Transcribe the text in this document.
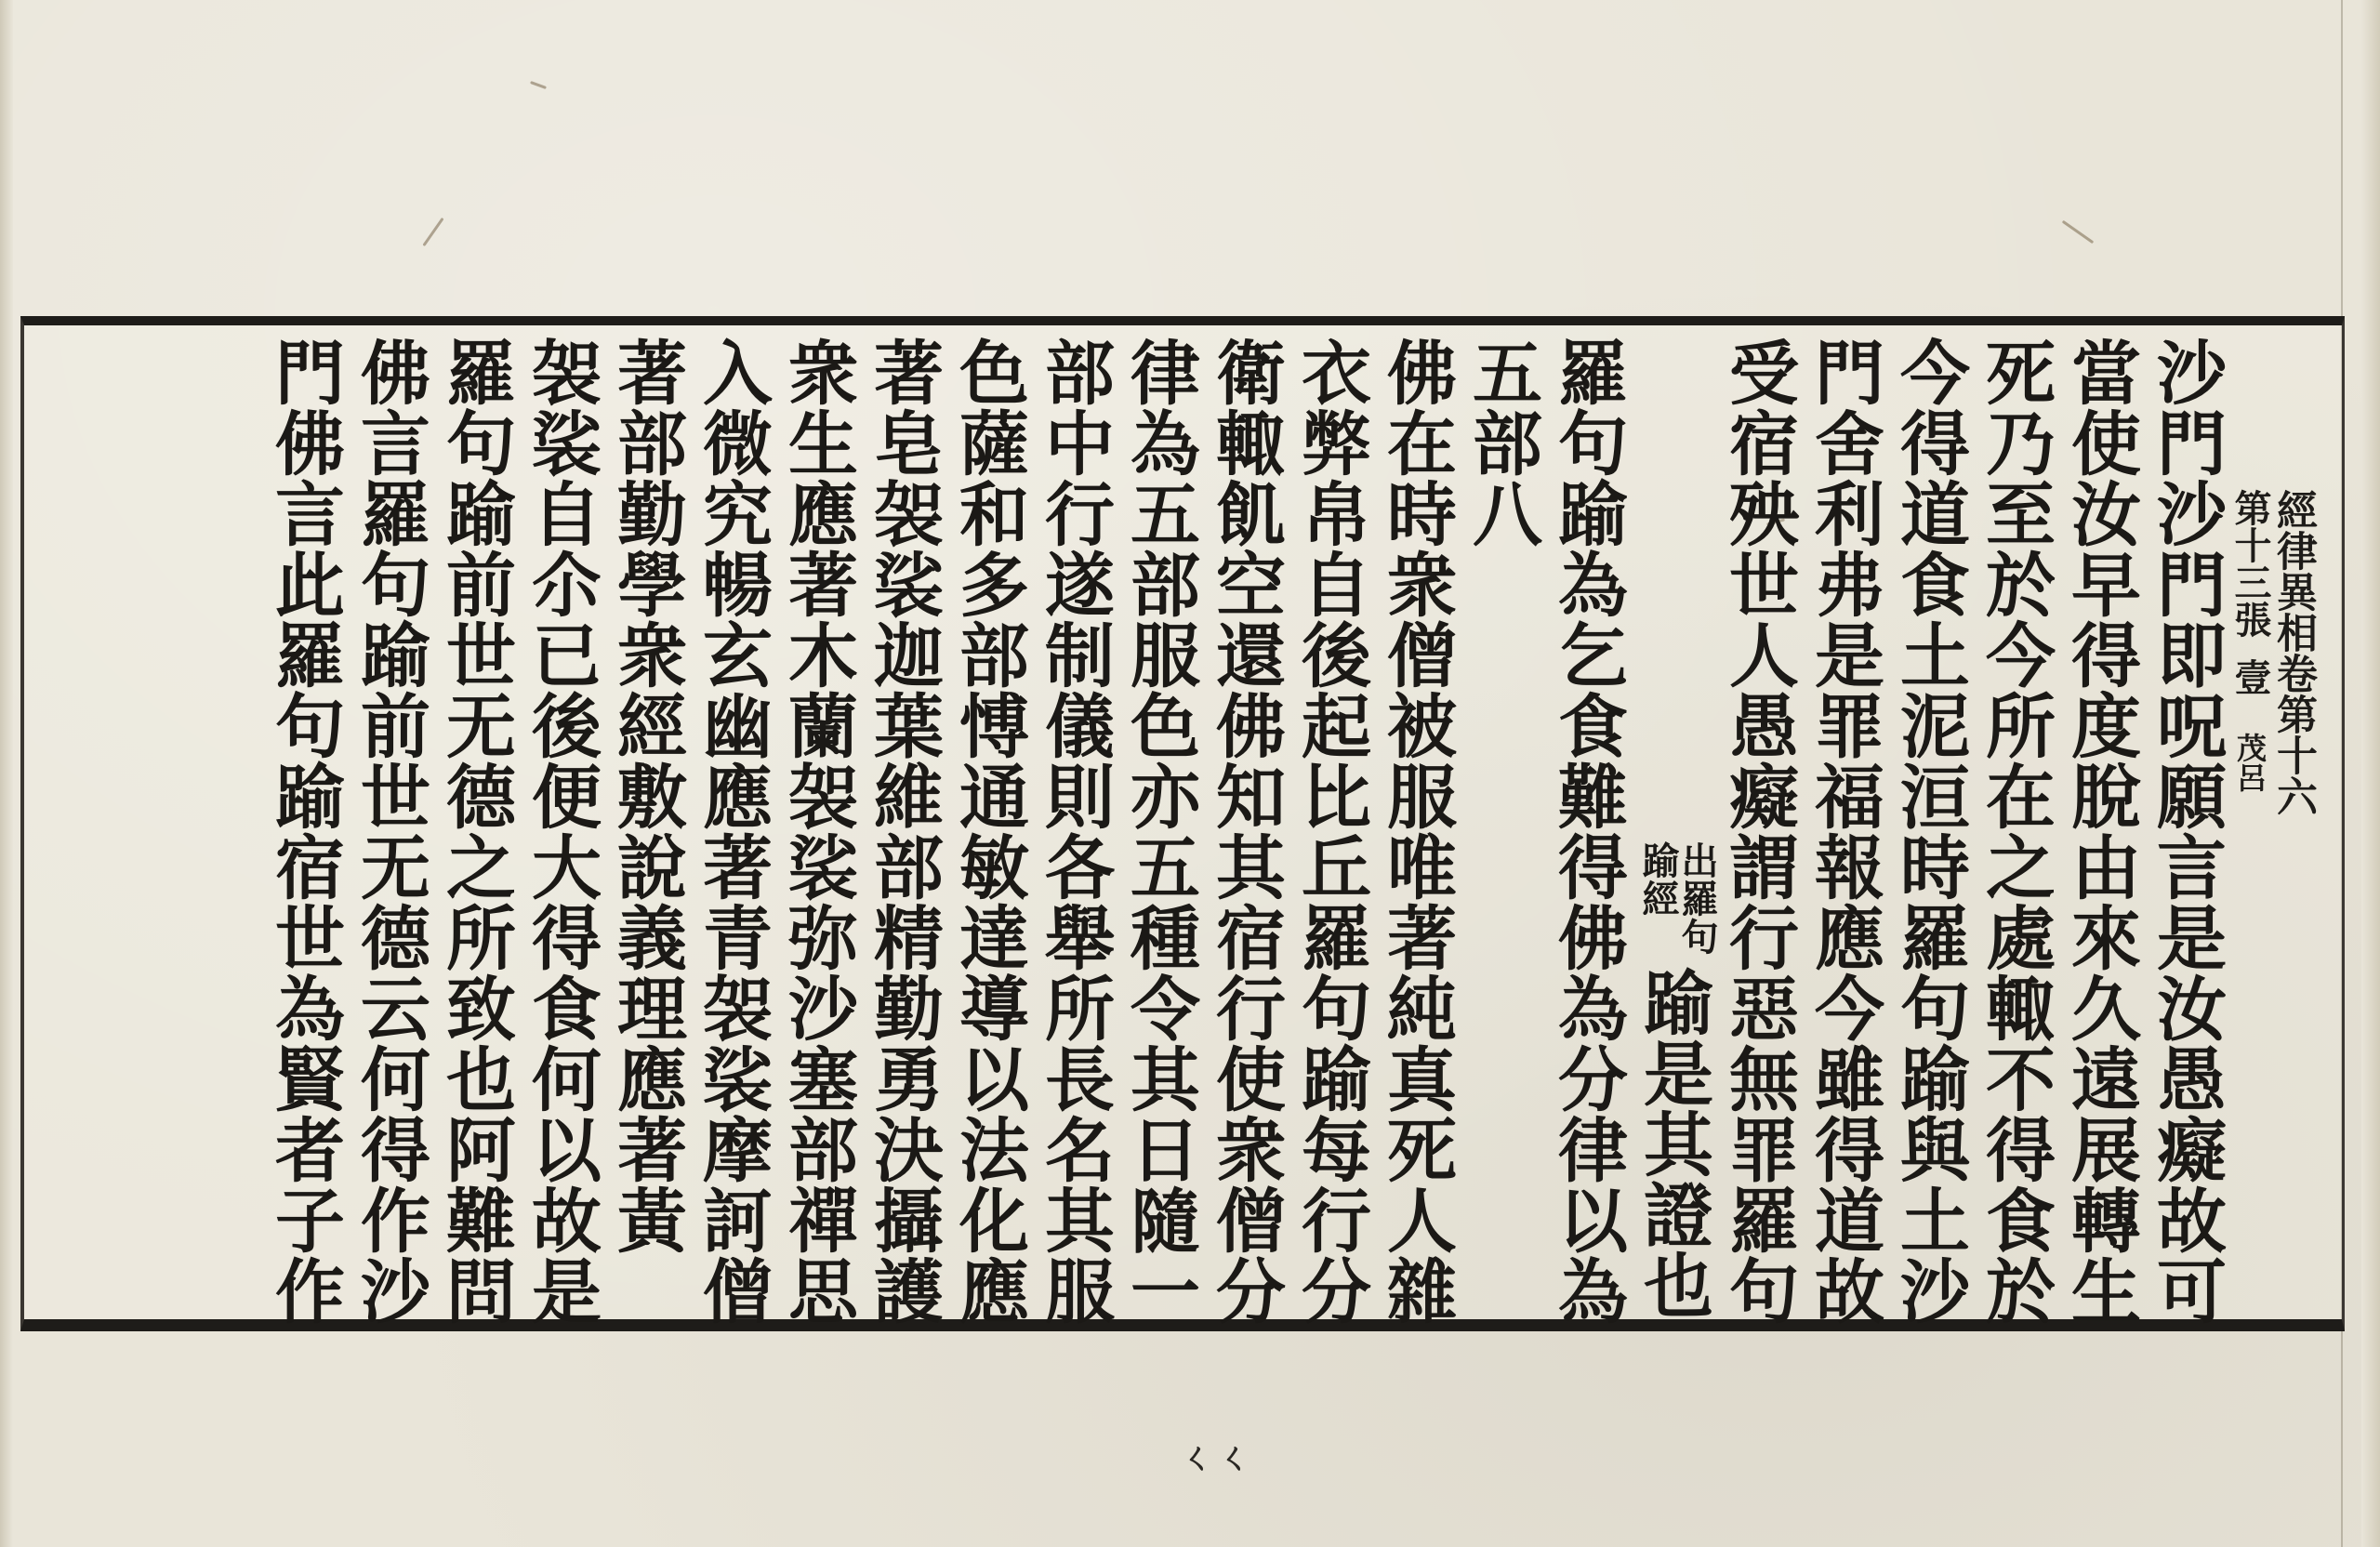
經律異相卷第十六
第十三張壹茂呂
沙門沙門即呪願言是汝愚癡故可
當使汝早得度脫由來久遠展轉生
死乃至於今所在之處輙不得食於
今得道食土泥洹時羅句踰與土沙
門舍利弗是罪福報應今雖得道故
受宿殃世人愚癡謂行惡無罪羅句
踰是其證也
出羅句
踰經
羅句踰為乞食難得佛為分律以為
五部八
佛在時衆僧被服唯著純真死人雜
衣弊帛自後起比丘羅句踰每行分
衛輙飢空還佛知其宿行使衆僧分
律為五部服色亦五種令其日隨一
部中行遂制儀則各舉所長名其服
色薩和多部愽通敏達導以法化應
著皂袈裟迦葉維部精勤勇決攝護
衆生應著木蘭袈裟弥沙塞部禪思
入微究暢玄幽應著青袈裟摩訶僧
著部勤學衆經敷說義理應著黃
袈裟自尒已後便大得食何以故是
羅句踰前世无德之所致也阿難問
佛言羅句踰前世无德云何得作沙
門佛言此羅句踰宿世為賢者子作
ㄑㄑ
